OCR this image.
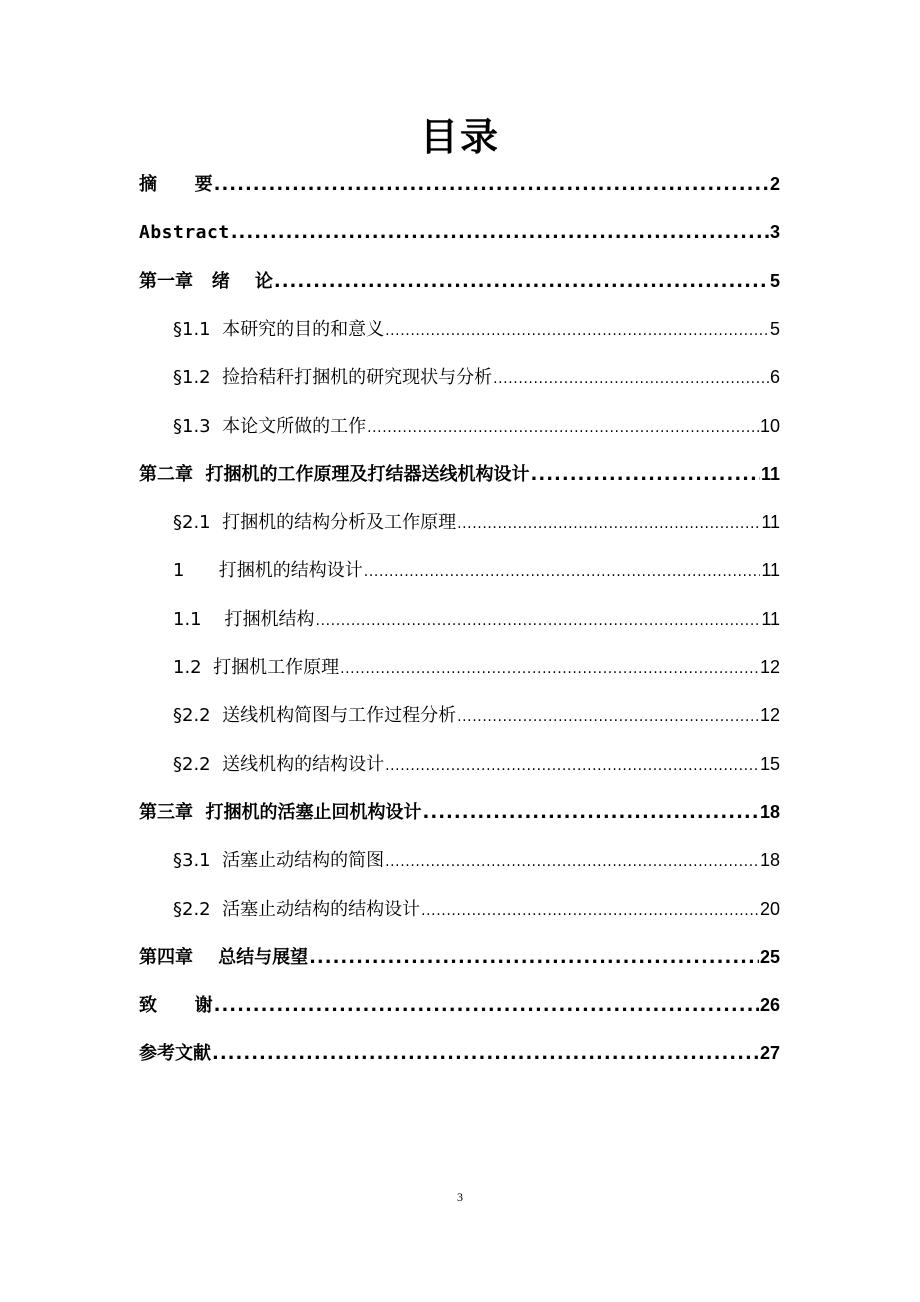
目录
摘      要 .....	2
Abstract .....	3
第一章   绪    论 .....	5
§1.1  本研究的目的和意义 .....	5
§1.2  捡拾秸秆打捆机的研究现状与分析 .....	6
§1.3  本论文所做的工作 .....	10
第二章  打捆机的工作原理及打结器送线机构设计 .....	11
§2.1  打捆机的结构分析及工作原理 .....	11
1      打捆机的结构设计 .....	11
1.1    打捆机结构 .....	11
1.2  打捆机工作原理 .....	12
§2.2  送线机构简图与工作过程分析 .....	12
§2.2  送线机构的结构设计 .....	15
第三章  打捆机的活塞止回机构设计 .....	18
§3.1  活塞止动结构的简图 .....	18
§2.2  活塞止动结构的结构设计 .....	20
第四章    总结与展望 .....	25
致      谢 .....	26
参考文献 .....	27
3
